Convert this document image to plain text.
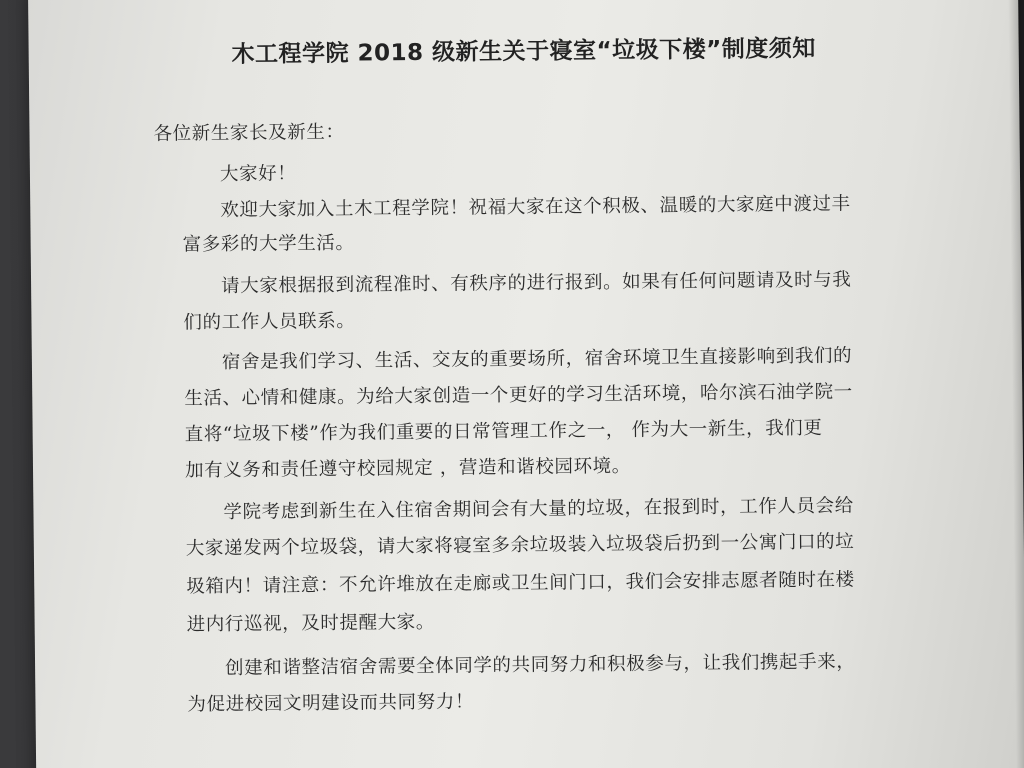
木工程学院 2018 级新生关于寝室“垃圾下楼”制度须知
各位新生家长及新生：
大家好！
欢迎大家加入土木工程学院！祝福大家在这个积极、温暖的大家庭中渡过丰
富多彩的大学生活。
请大家根据报到流程准时、有秩序的进行报到。如果有任何问题请及时与我
们的工作人员联系。
宿舍是我们学习、生活、交友的重要场所，宿舍环境卫生直接影响到我们的
生活、心情和健康。为给大家创造一个更好的学习生活环境，哈尔滨石油学院一
直将“垃圾下楼”作为我们重要的日常管理工作之一， 作为大一新生，我们更
加有义务和责任遵守校园规定 ，营造和谐校园环境。
学院考虑到新生在入住宿舍期间会有大量的垃圾，在报到时，工作人员会给
大家递发两个垃圾袋，请大家将寝室多余垃圾装入垃圾袋后扔到一公寓门口的垃
圾箱内！请注意：不允许堆放在走廊或卫生间门口，我们会安排志愿者随时在楼
进内行巡视，及时提醒大家。
创建和谐整洁宿舍需要全体同学的共同努力和积极参与，让我们携起手来，
为促进校园文明建设而共同努力！
